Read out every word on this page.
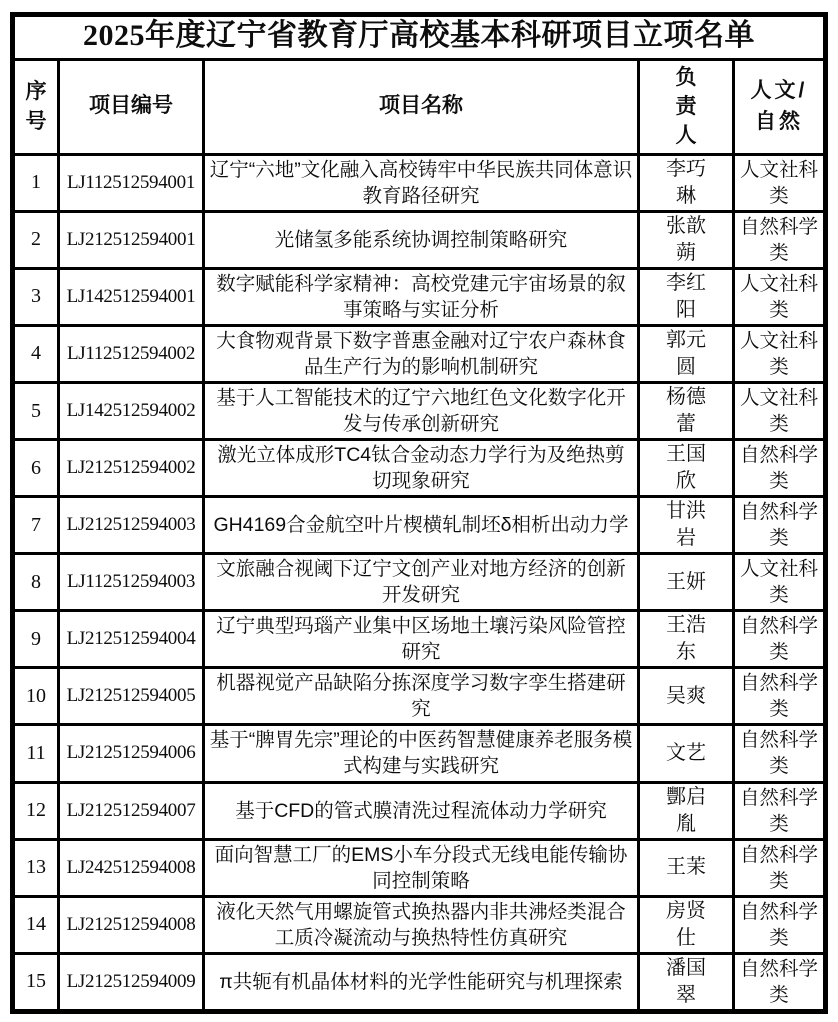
2025年度辽宁省教育厅高校基本科研项目立项名单				
序号	项目编号	项目名称	负责人	人文/自然
1	LJ112512594001	辽宁“六地”文化融入高校铸牢中华民族共同体意识教育路径研究	李巧琳	人文社科类
2	LJ212512594001	光储氢多能系统协调控制策略研究	张歆蒴	自然科学类
3	LJ142512594001	数字赋能科学家精神：高校党建元宇宙场景的叙事策略与实证分析	李红阳	人文社科类
4	LJ112512594002	大食物观背景下数字普惠金融对辽宁农户森林食品生产行为的影响机制研究	郭元圆	人文社科类
5	LJ142512594002	基于人工智能技术的辽宁六地红色文化数字化开发与传承创新研究	杨德蕾	人文社科类
6	LJ212512594002	激光立体成形TC4钛合金动态力学行为及绝热剪切现象研究	王国欣	自然科学类
7	LJ212512594003	GH4169合金航空叶片楔横轧制坯δ相析出动力学	甘洪岩	自然科学类
8	LJ112512594003	文旅融合视阈下辽宁文创产业对地方经济的创新开发研究	王妍	人文社科类
9	LJ212512594004	辽宁典型玛瑙产业集中区场地土壤污染风险管控研究	王浩东	自然科学类
10	LJ212512594005	机器视觉产品缺陷分拣深度学习数字孪生搭建研究	吴爽	自然科学类
11	LJ212512594006	基于“脾胃先宗”理论的中医药智慧健康养老服务模式构建与实践研究	文艺	自然科学类
12	LJ212512594007	基于CFD的管式膜清洗过程流体动力学研究	酆启胤	自然科学类
13	LJ242512594008	面向智慧工厂的EMS小车分段式无线电能传输协同控制策略	王茉	自然科学类
14	LJ212512594008	液化天然气用螺旋管式换热器内非共沸烃类混合工质冷凝流动与换热特性仿真研究	房贤仕	自然科学类
15	LJ212512594009	π共轭有机晶体材料的光学性能研究与机理探索	潘国翠	自然科学类
